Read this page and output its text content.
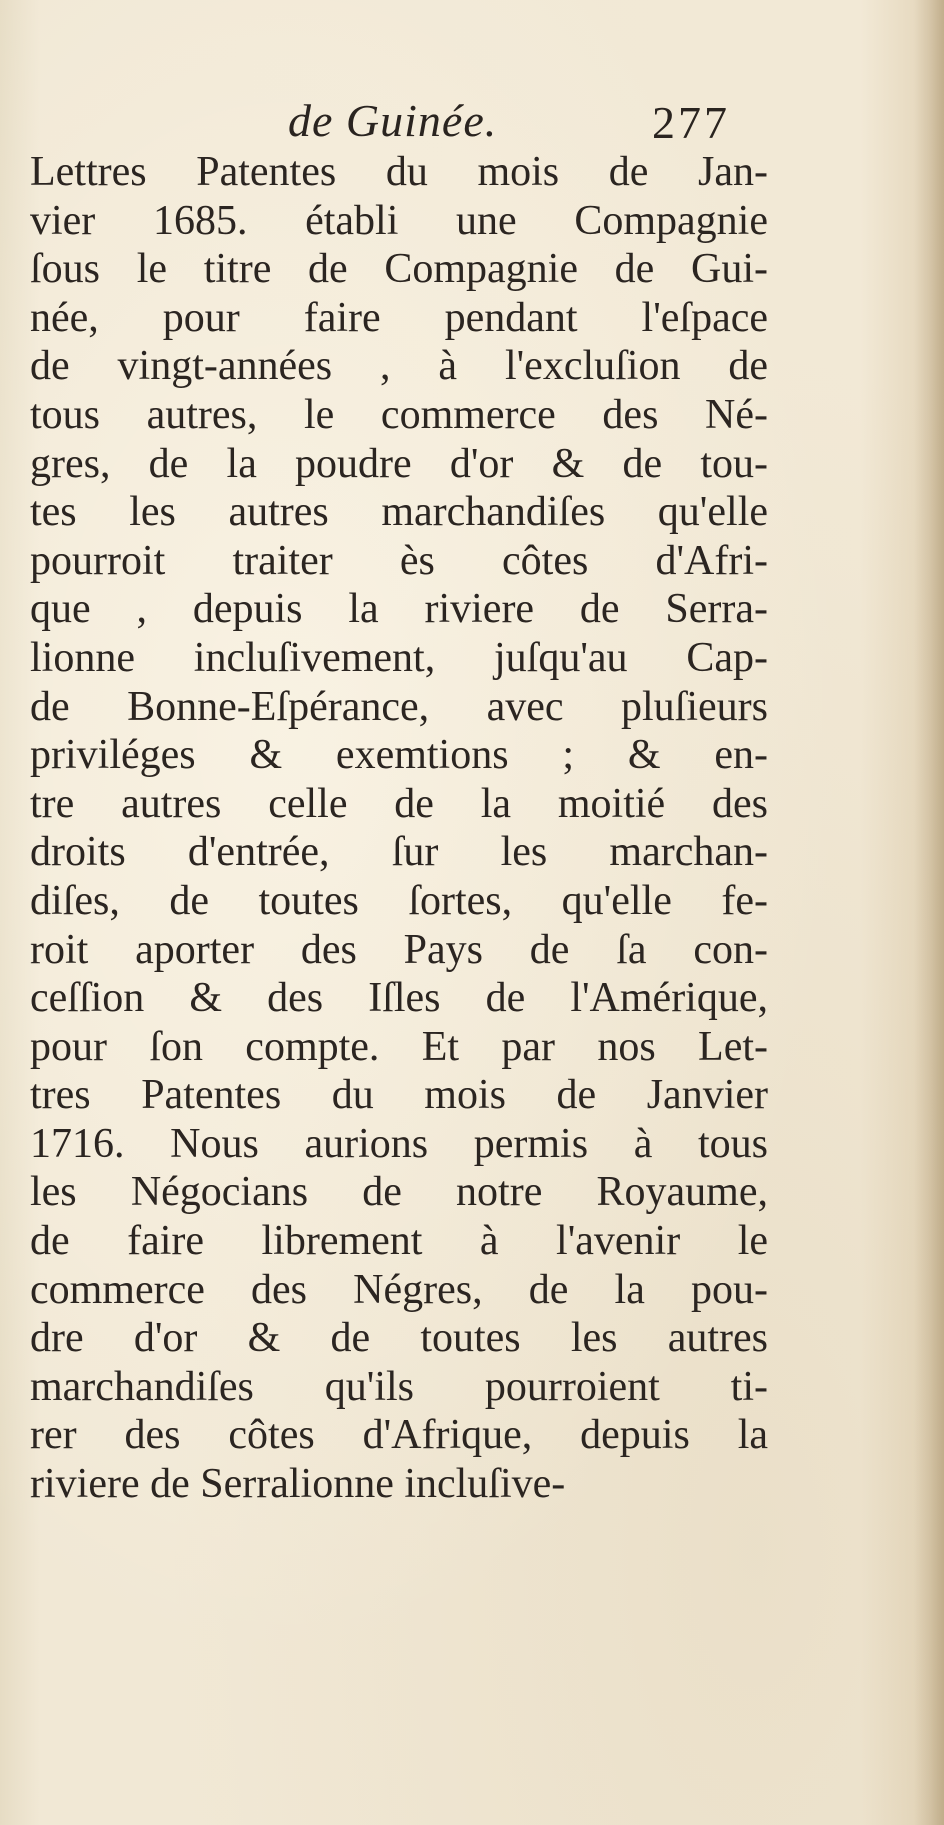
de Guinée.	277
Lettres Patentes du mois de Jan-
vier 1685. établi une Compagnie
ſous le titre de Compagnie de Gui-
née, pour faire pendant l'eſpace
de vingt-années , à l'excluſion de
tous autres, le commerce des Né-
gres, de la poudre d'or & de tou-
tes les autres marchandiſes qu'elle
pourroit traiter ès côtes d'Afri-
que , depuis la riviere de Serra-
lionne incluſivement, juſqu'au Cap-
de Bonne-Eſpérance, avec pluſieurs
priviléges & exemtions ; & en-
tre autres celle de la moitié des
droits d'entrée, ſur les marchan-
diſes, de toutes ſortes, qu'elle fe-
roit aporter des Pays de ſa con-
ceſſion & des Iſles de l'Amérique,
pour ſon compte. Et par nos Let-
tres Patentes du mois de Janvier
1716. Nous aurions permis à tous
les Négocians de notre Royaume,
de faire librement à l'avenir le
commerce des Négres, de la pou-
dre d'or & de toutes les autres
marchandiſes qu'ils pourroient ti-
rer des côtes d'Afrique, depuis la
riviere de Serralionne incluſive-
